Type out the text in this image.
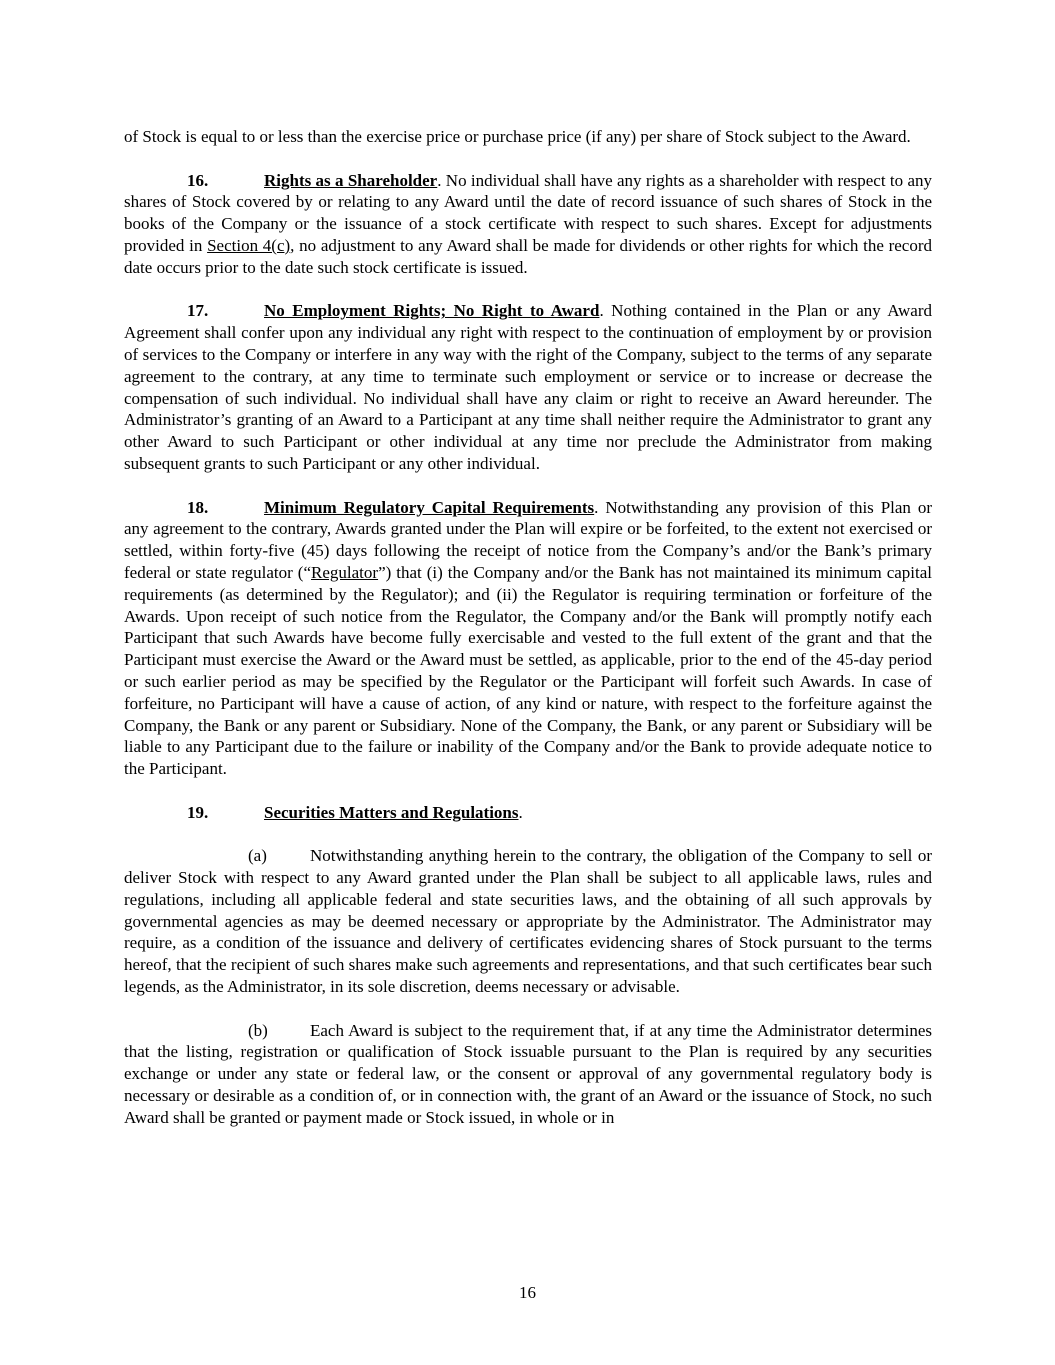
of Stock is equal to or less than the exercise price or purchase price (if any) per share of Stock subject to the Award.

16.	Rights as a Shareholder. No individual shall have any rights as a shareholder with respect to any shares of Stock covered by or relating to any Award until the date of record issuance of such shares of Stock in the books of the Company or the issuance of a stock certificate with respect to such shares. Except for adjustments provided in Section 4(c), no adjustment to any Award shall be made for dividends or other rights for which the record date occurs prior to the date such stock certificate is issued.

17.	No Employment Rights; No Right to Award. Nothing contained in the Plan or any Award Agreement shall confer upon any individual any right with respect to the continuation of employment by or provision of services to the Company or interfere in any way with the right of the Company, subject to the terms of any separate agreement to the contrary, at any time to terminate such employment or service or to increase or decrease the compensation of such individual. No individual shall have any claim or right to receive an Award hereunder. The Administrator’s granting of an Award to a Participant at any time shall neither require the Administrator to grant any other Award to such Participant or other individual at any time nor preclude the Administrator from making subsequent grants to such Participant or any other individual.

18.	Minimum Regulatory Capital Requirements. Notwithstanding any provision of this Plan or any agreement to the contrary, Awards granted under the Plan will expire or be forfeited, to the extent not exercised or settled, within forty-five (45) days following the receipt of notice from the Company’s and/or the Bank’s primary federal or state regulator (“Regulator”) that (i) the Company and/or the Bank has not maintained its minimum capital requirements (as determined by the Regulator); and (ii) the Regulator is requiring termination or forfeiture of the Awards. Upon receipt of such notice from the Regulator, the Company and/or the Bank will promptly notify each Participant that such Awards have become fully exercisable and vested to the full extent of the grant and that the Participant must exercise the Award or the Award must be settled, as applicable, prior to the end of the 45-day period or such earlier period as may be specified by the Regulator or the Participant will forfeit such Awards. In case of forfeiture, no Participant will have a cause of action, of any kind or nature, with respect to the forfeiture against the Company, the Bank or any parent or Subsidiary. None of the Company, the Bank, or any parent or Subsidiary will be liable to any Participant due to the failure or inability of the Company and/or the Bank to provide adequate notice to the Participant.

19.	Securities Matters and Regulations.

(a)	Notwithstanding anything herein to the contrary, the obligation of the Company to sell or deliver Stock with respect to any Award granted under the Plan shall be subject to all applicable laws, rules and regulations, including all applicable federal and state securities laws, and the obtaining of all such approvals by governmental agencies as may be deemed necessary or appropriate by the Administrator. The Administrator may require, as a condition of the issuance and delivery of certificates evidencing shares of Stock pursuant to the terms hereof, that the recipient of such shares make such agreements and representations, and that such certificates bear such legends, as the Administrator, in its sole discretion, deems necessary or advisable.

(b) Each Award is subject to the requirement that, if at any time the Administrator determines that the listing, registration or qualification of Stock issuable pursuant to the Plan is required by any securities exchange or under any state or federal law, or the consent or approval of any governmental regulatory body is necessary or desirable as a condition of, or in connection with, the grant of an Award or the issuance of Stock, no such Award shall be granted or payment made or Stock issued, in whole or in

16
